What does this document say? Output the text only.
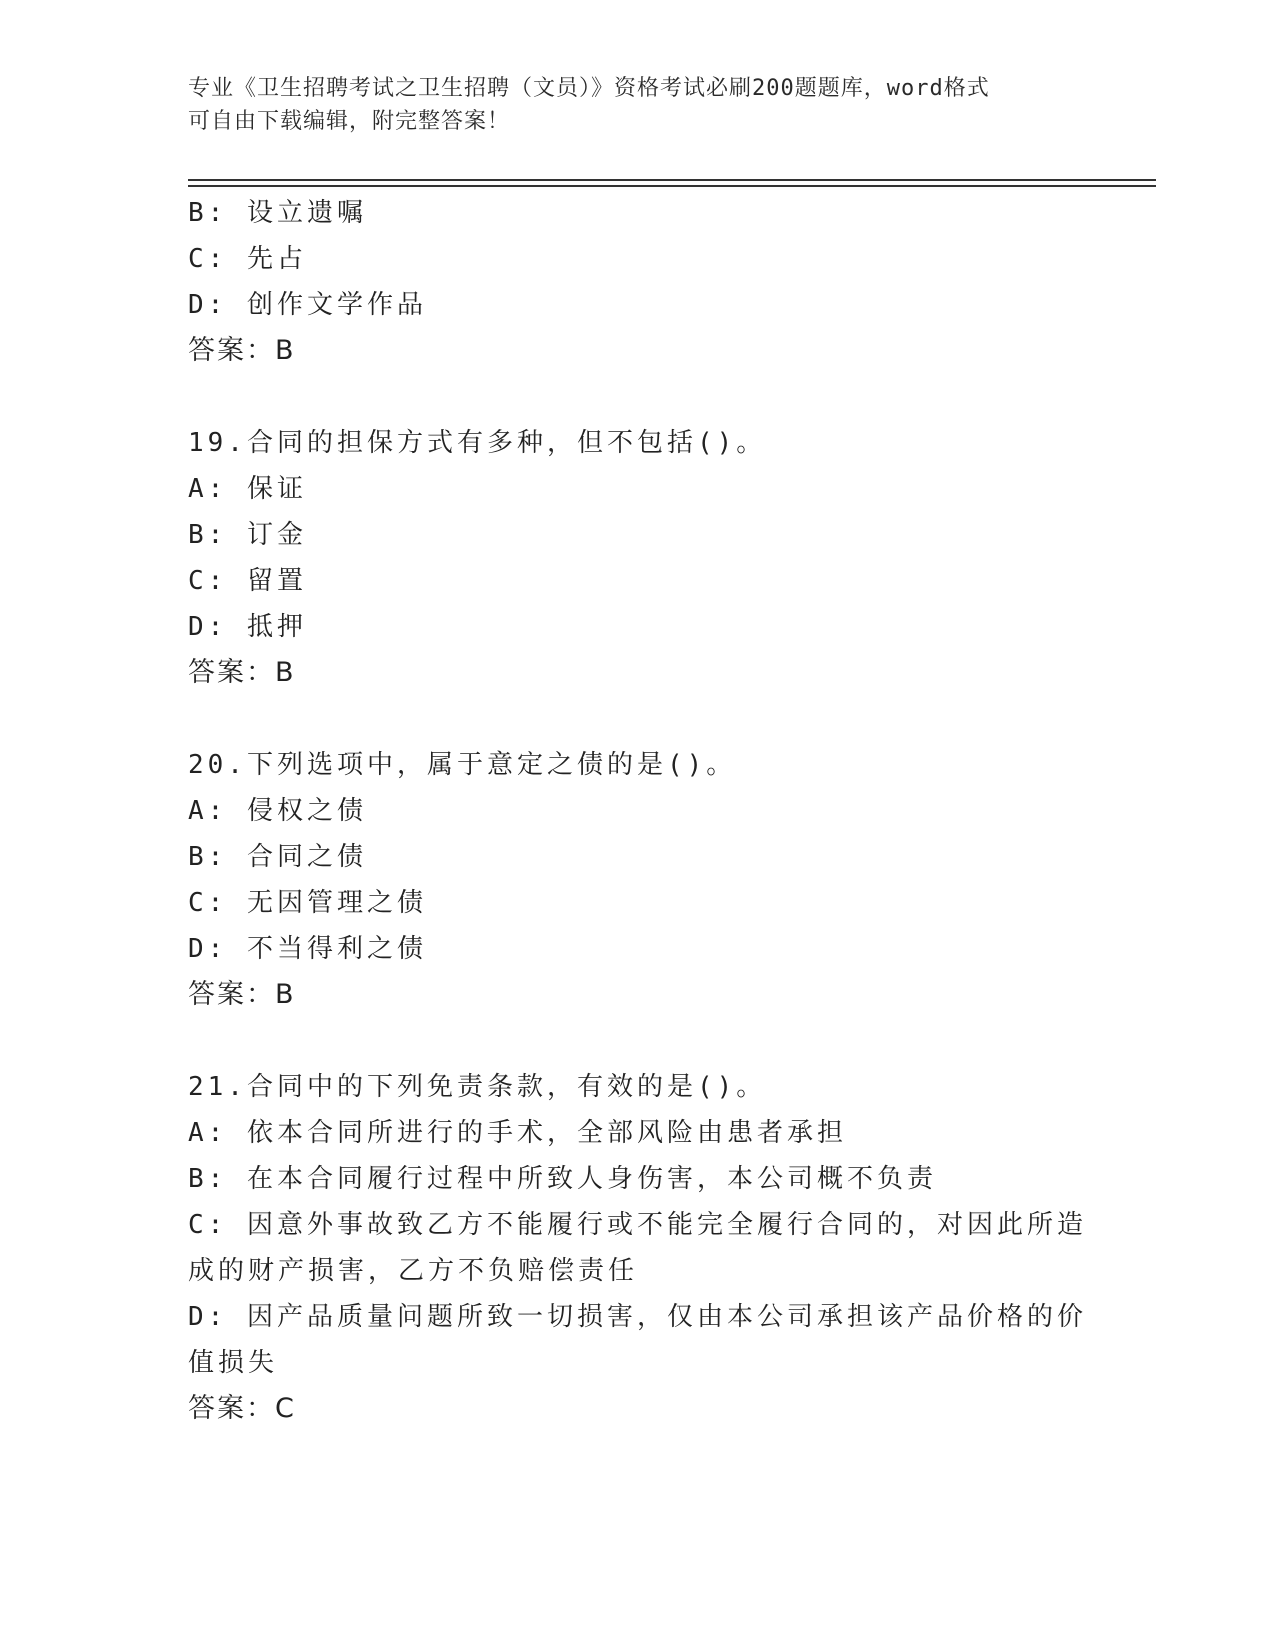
专业《卫生招聘考试之卫生招聘（文员）》资格考试必刷200题题库，word格式
可自由下载编辑，附完整答案！
B: 设立遗嘱
C: 先占
D: 创作文学作品
答案：B
19.合同的担保方式有多种，但不包括()。
A: 保证
B: 订金
C: 留置
D: 抵押
答案：B
20.下列选项中，属于意定之债的是()。
A: 侵权之债
B: 合同之债
C: 无因管理之债
D: 不当得利之债
答案：B
21.合同中的下列免责条款，有效的是()。
A: 依本合同所进行的手术，全部风险由患者承担
B: 在本合同履行过程中所致人身伤害，本公司概不负责
C: 因意外事故致乙方不能履行或不能完全履行合同的，对因此所造成的财产损害，乙方不负赔偿责任
D: 因产品质量问题所致一切损害，仅由本公司承担该产品价格的价值损失
答案：C
